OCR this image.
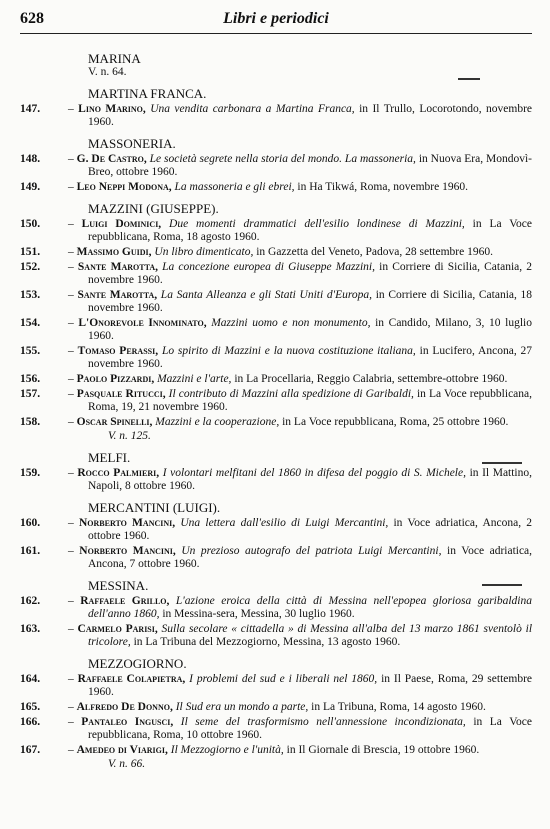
628	Libri e periodici
MARINA
V. n. 64.
MARTINA FRANCA.
147.	– Lino Marino, Una vendita carbonara a Martina Franca, in Il Trullo, Locorotondo, novembre 1960.
MASSONERIA.
148.	– G. De Castro, Le società segrete nella storia del mondo. La massoneria, in Nuova Era, Mondovì-Breo, ottobre 1960.
149.	– Leo Neppi Modona, La massoneria e gli ebrei, in Ha Tikwá, Roma, novembre 1960.
MAZZINI (GIUSEPPE).
150.	– Luigi Dominici, Due momenti drammatici dell'esilio londinese di Mazzini, in La Voce repubblicana, Roma, 18 agosto 1960.
151.	– Massimo Guidi, Un libro dimenticato, in Gazzetta del Veneto, Padova, 28 settembre 1960.
152.	– Sante Marotta, La concezione europea di Giuseppe Mazzini, in Corriere di Sicilia, Catania, 2 novembre 1960.
153.	– Sante Marotta, La Santa Alleanza e gli Stati Uniti d'Europa, in Corriere di Sicilia, Catania, 18 novembre 1960.
154.	– L'Onorevole Innominato, Mazzini uomo e non monumento, in Candido, Milano, 3, 10 luglio 1960.
155.	– Tomaso Perassi, Lo spirito di Mazzini e la nuova costituzione italiana, in Lucifero, Ancona, 27 novembre 1960.
156.	– Paolo Pizzardi, Mazzini e l'arte, in La Procellaria, Reggio Calabria, settembre-ottobre 1960.
157.	– Pasquale Ritucci, Il contributo di Mazzini alla spedizione di Garibaldi, in La Voce repubblicana, Roma, 19, 21 novembre 1960.
158.	– Oscar Spinelli, Mazzini e la cooperazione, in La Voce repubblicana, Roma, 25 ottobre 1960.
V. n. 125.
MELFI.
159.	– Rocco Palmieri, I volontari melfitani del 1860 in difesa del poggio di S. Michele, in Il Mattino, Napoli, 8 ottobre 1960.
MERCANTINI (LUIGI).
160.	– Norberto Mancini, Una lettera dall'esilio di Luigi Mercantini, in Voce adriatica, Ancona, 2 ottobre 1960.
161.	– Norberto Mancini, Un prezioso autografo del patriota Luigi Mercantini, in Voce adriatica, Ancona, 7 ottobre 1960.
MESSINA.
162.	– Raffaele Grillo, L'azione eroica della città di Messina nell'epopea gloriosa garibaldina dell'anno 1860, in Messina-sera, Messina, 30 luglio 1960.
163.	– Carmelo Parisi, Sulla secolare « cittadella » di Messina all'alba del 13 marzo 1861 sventolò il tricolore, in La Tribuna del Mezzogiorno, Messina, 13 agosto 1960.
MEZZOGIORNO.
164.	– Raffaele Colapietra, I problemi del sud e i liberali nel 1860, in Il Paese, Roma, 29 settembre 1960.
165.	– Alfredo De Donno, Il Sud era un mondo a parte, in La Tribuna, Roma, 14 agosto 1960.
166.	– Pantaleo Ingusci, Il seme del trasformismo nell'annessione incondizionata, in La Voce repubblicana, Roma, 10 ottobre 1960.
167.	– Amedeo di Viarigi, Il Mezzogiorno e l'unità, in Il Giornale di Brescia, 19 ottobre 1960.
V. n. 66.
